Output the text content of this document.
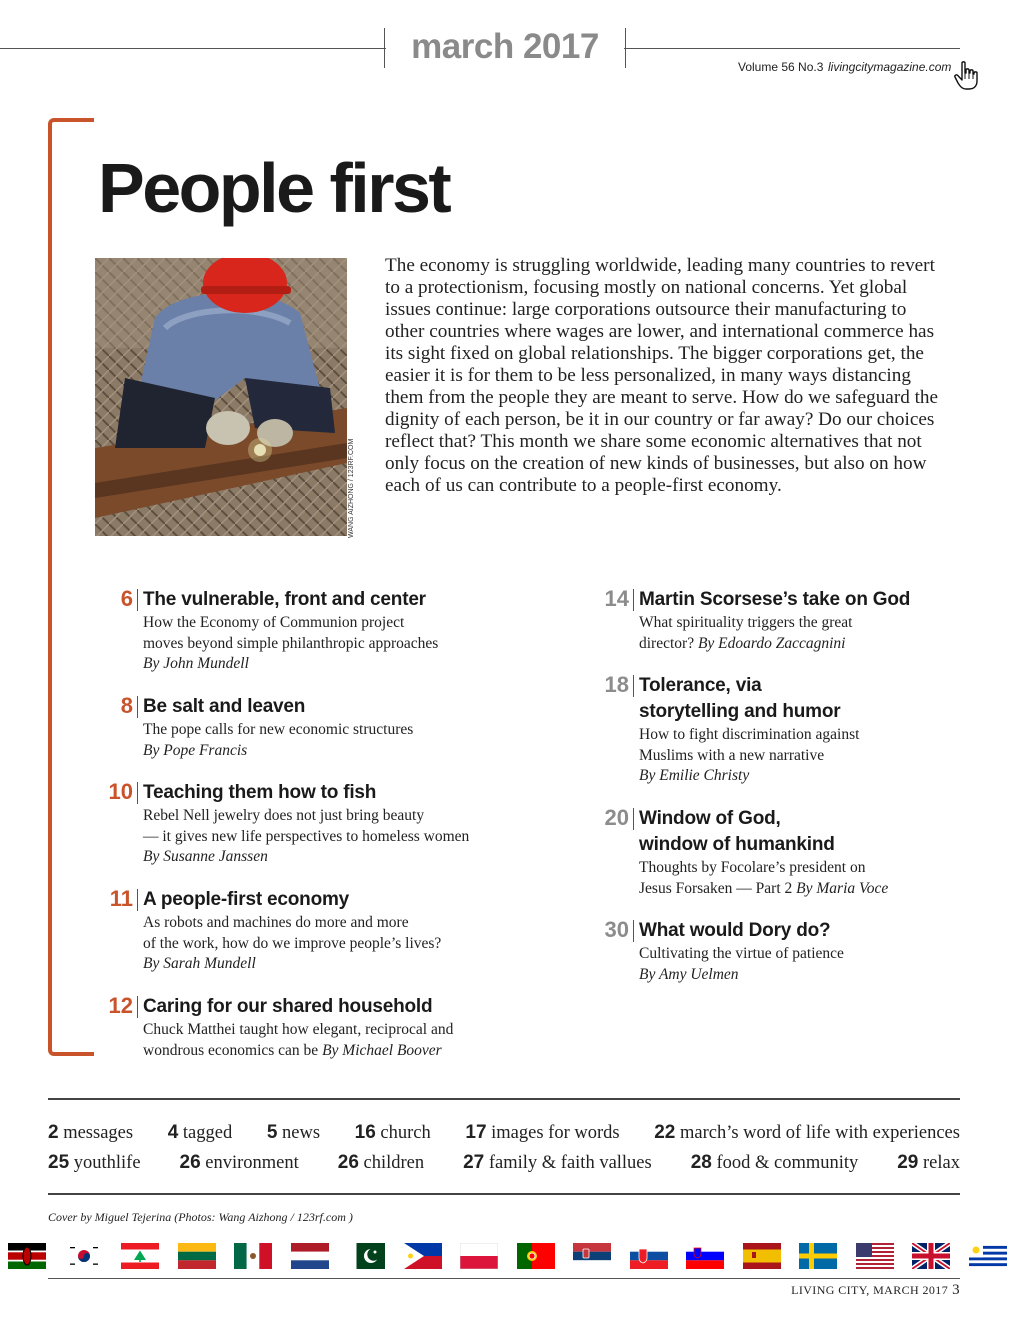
march 2017
Volume 56 No.3 livingcitymagazine.com
People first
WANG AIZHONG / 123RF.COM

The economy is struggling worldwide, leading many countries to revert to a protectionism, focusing mostly on national concerns. Yet global issues continue: large corporations outsource their manufacturing to other countries where wages are lower, and international commerce has its sight fixed on global relationships. The bigger corporations get, the easier it is for them to be less personalized, in many ways distancing them from the people they are meant to serve. How do we safeguard the dignity of each person, be it in our country or far away? Do our choices reflect that? This month we share some economic alternatives that not only focus on the creation of new kinds of businesses, but also on how each of us can contribute to a people-first economy.

6 The vulnerable, front and center
How the Economy of Communion project
moves beyond simple philanthropic approaches
By John Mundell
8 Be salt and leaven
The pope calls for new economic structures
By Pope Francis
10 Teaching them how to fish
Rebel Nell jewelry does not just bring beauty
— it gives new life perspectives to homeless women
By Susanne Janssen
11 A people-first economy
As robots and machines do more and more
of the work, how do we improve people’s lives?
By Sarah Mundell
12 Caring for our shared household
Chuck Matthei taught how elegant, reciprocal and
wondrous economics can be By Michael Boover
14 Martin Scorsese’s take on God
What spirituality triggers the great
director? By Edoardo Zaccagnini
18 Tolerance, via
storytelling and humor
How to fight discrimination against
Muslims with a new narrative
By Emilie Christy
20 Window of God,
window of humankind
Thoughts by Focolare’s president on
Jesus Forsaken — Part 2 By Maria Voce
30 What would Dory do?
Cultivating the virtue of patience
By Amy Uelmen
2 messages 4 tagged 5 news 16 church 17 images for words 22 march’s word of life with experiences
25 youthlife 26 environment 26 children 27 family & faith vallues 28 food & community 29 relax
Cover by Miguel Tejerina (Photos: Wang Aizhong / 123rf.com )
LIVING CITY, MARCH 2017 3
